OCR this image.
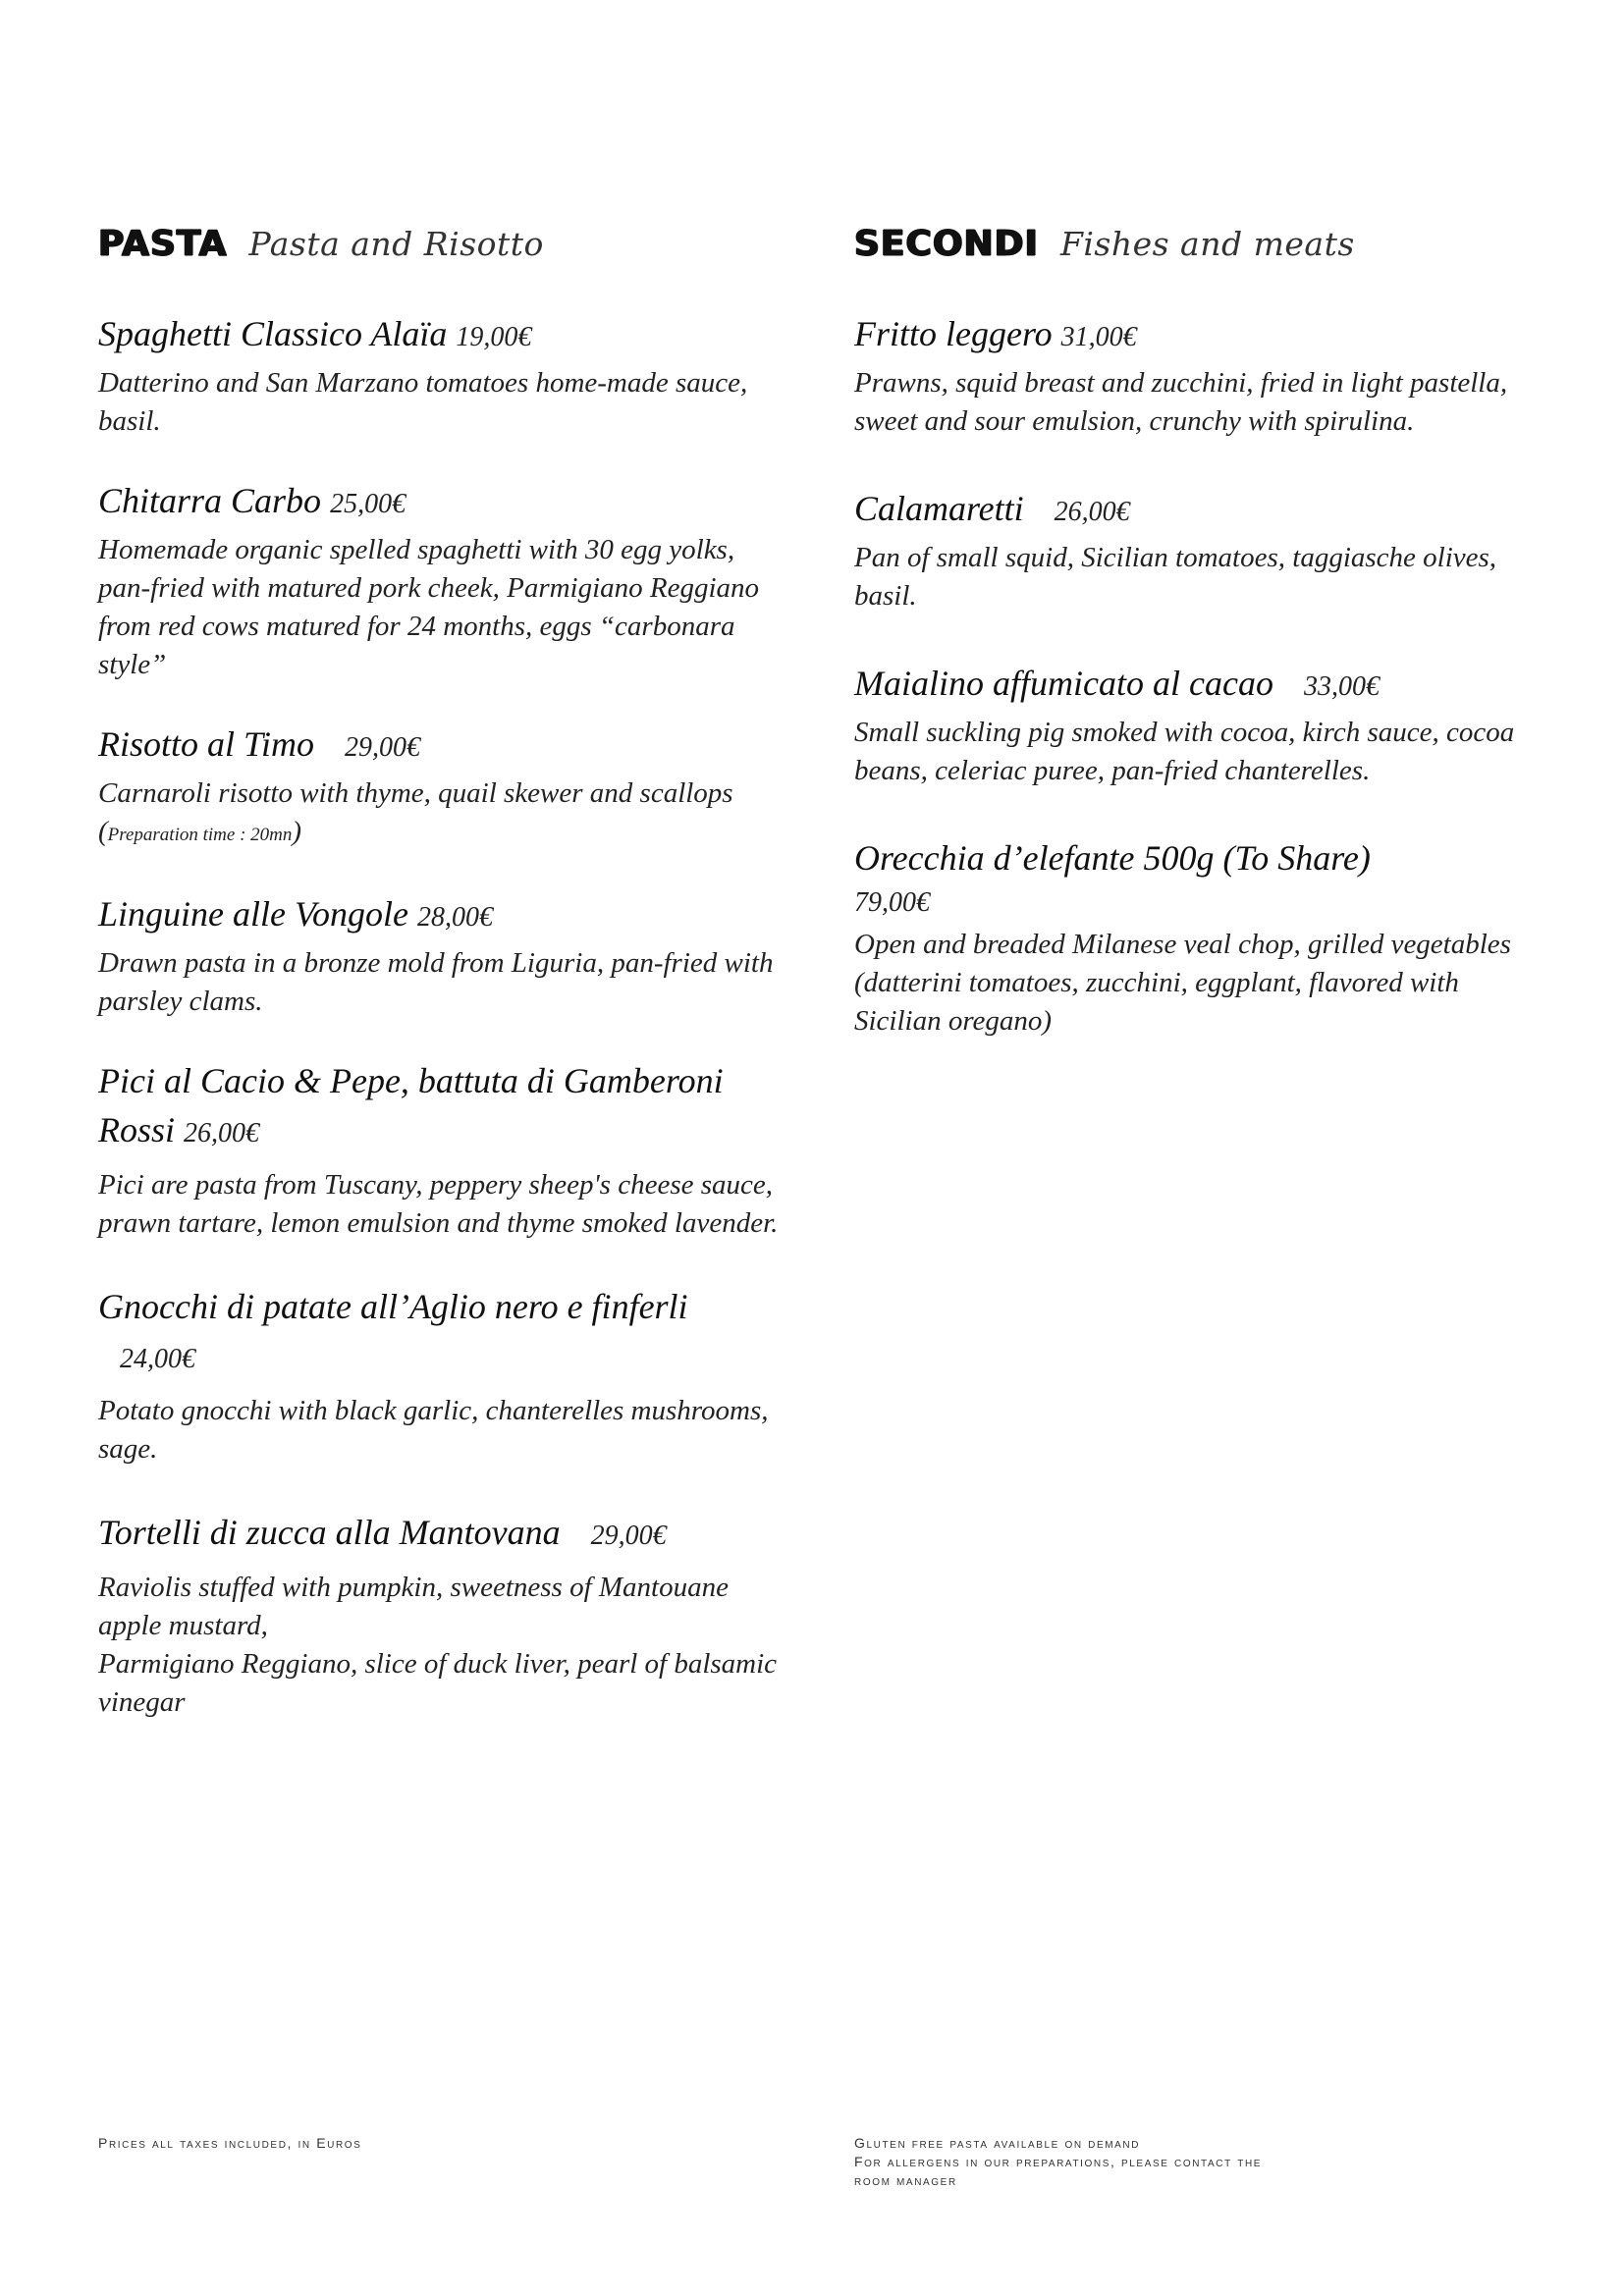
PASTA Pasta and Risotto
Spaghetti Classico Alaïa 19,00€
Datterino and San Marzano tomatoes home-made sauce, basil.
Chitarra Carbo 25,00€
Homemade organic spelled spaghetti with 30 egg yolks, pan-fried with matured pork cheek, Parmigiano Reggiano from red cows matured for 24 months, eggs “carbonara style”
Risotto al Timo 29,00€
Carnaroli risotto with thyme, quail skewer and scallops (Preparation time : 20mn)
Linguine alle Vongole 28,00€
Drawn pasta in a bronze mold from Liguria, pan-fried with parsley clams.
Pici al Cacio & Pepe, battuta di Gamberoni Rossi 26,00€
Pici are pasta from Tuscany, peppery sheep's cheese sauce, prawn tartare, lemon emulsion and thyme smoked lavender.
Gnocchi di patate all’Aglio nero e finferli 24,00€
Potato gnocchi with black garlic, chanterelles mushrooms, sage.
Tortelli di zucca alla Mantovana 29,00€
Raviolis stuffed with pumpkin, sweetness of Mantouane apple mustard,
Parmigiano Reggiano, slice of duck liver, pearl of balsamic vinegar
SECONDI Fishes and meats
Fritto leggero 31,00€
Prawns, squid breast and zucchini, fried in light pastella, sweet and sour emulsion, crunchy with spirulina.
Calamaretti 26,00€
Pan of small squid, Sicilian tomatoes, taggiasche olives, basil.
Maialino affumicato al cacao 33,00€
Small suckling pig smoked with cocoa, kirch sauce, cocoa beans, celeriac puree, pan-fried chanterelles.
Orecchia d’elefante 500g (To Share)
79,00€
Open and breaded Milanese veal chop, grilled vegetables (datterini tomatoes, zucchini, eggplant, flavored with Sicilian oregano)
Prices all taxes included, in Euros	Gluten free pasta available on demand
For allergens in our preparations, please contact the
room manager
